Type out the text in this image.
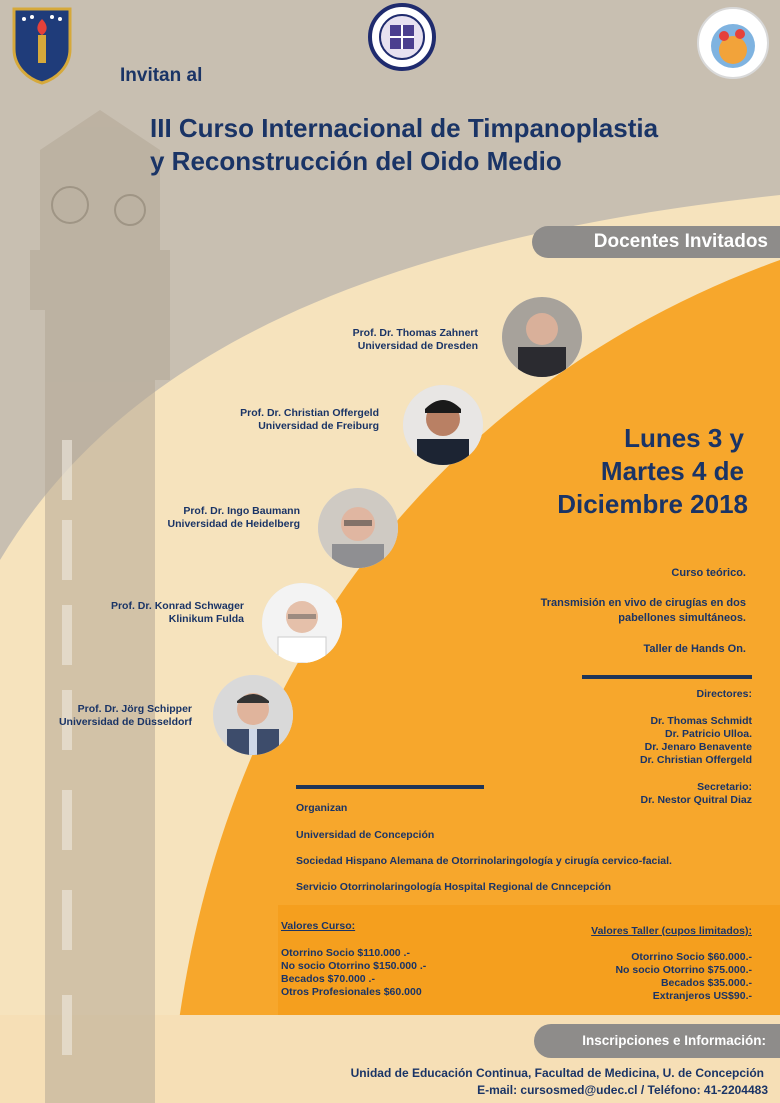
Invitan al
III Curso Internacional de Timpanoplastia
y Reconstrucción del Oido Medio
Docentes Invitados
Prof. Dr. Thomas Zahnert
Universidad de Dresden
Prof. Dr. Christian Offergeld
Universidad de Freiburg
Prof. Dr. Ingo Baumann
Universidad de Heidelberg
Prof. Dr. Konrad Schwager
Klinikum Fulda
Prof. Dr. Jörg Schipper
Universidad de Düsseldorf
Lunes 3 y
Martes 4 de
Diciembre 2018
Curso teórico.
Transmisión en vivo de cirugías en dos
pabellones simultáneos.
Taller de Hands On.
Directores:
Dr. Thomas Schmidt
Dr. Patricio Ulloa.
Dr. Jenaro Benavente
Dr. Christian Offergeld
Secretario:
Dr. Nestor Quitral Diaz
Organizan
Universidad de Concepción
Sociedad Hispano Alemana de Otorrinolaringología y cirugía cervico-facial.
Servicio Otorrinolaringología Hospital Regional de Cnncepción
Valores Curso:
Otorrino Socio $110.000 .-
No socio Otorrino $150.000 .-
Becados $70.000 .-
Otros Profesionales $60.000
Valores Taller (cupos limitados):
Otorrino Socio $60.000.-
No socio Otorrino $75.000.-
Becados $35.000.-
Extranjeros US$90.-
Inscripciones e Información:
Unidad de Educación Continua, Facultad de Medicina, U. de Concepción
E-mail: cursosmed@udec.cl / Teléfono: 41-2204483
